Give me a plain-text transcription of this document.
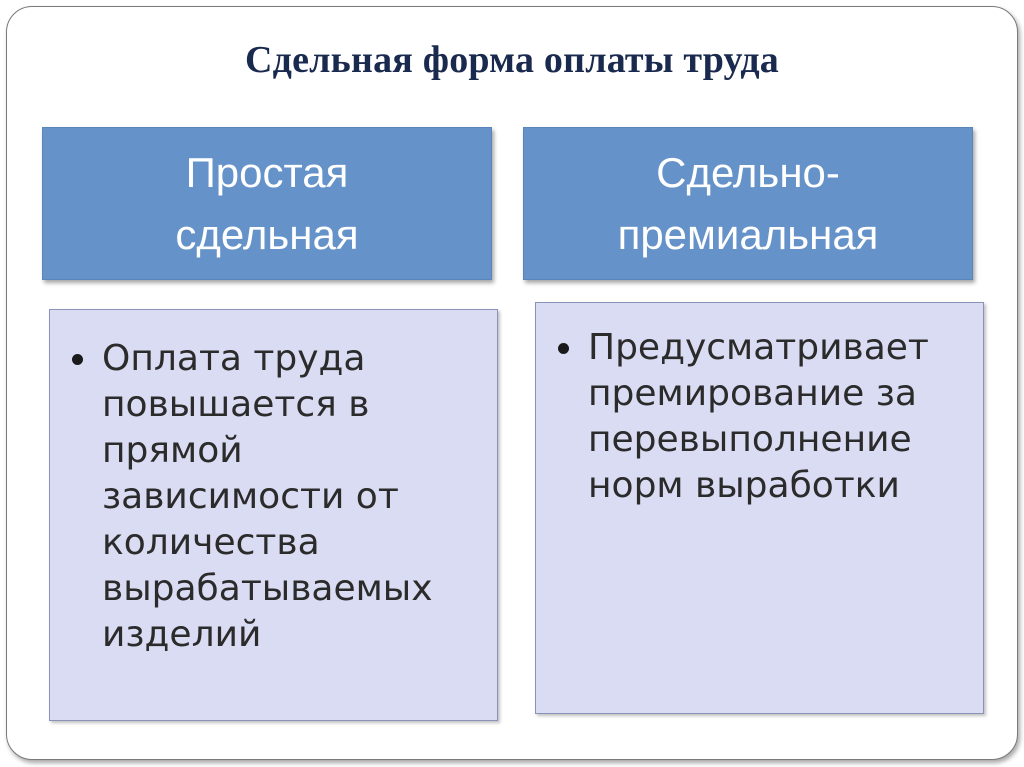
Сдельная форма оплаты труда
Простая
сдельная
Сдельно-
премиальная
Оплата труда
повышается в
прямой
зависимости от
количества
вырабатываемых
изделий
Предусматривает
премирование за
перевыполнение
норм выработки
